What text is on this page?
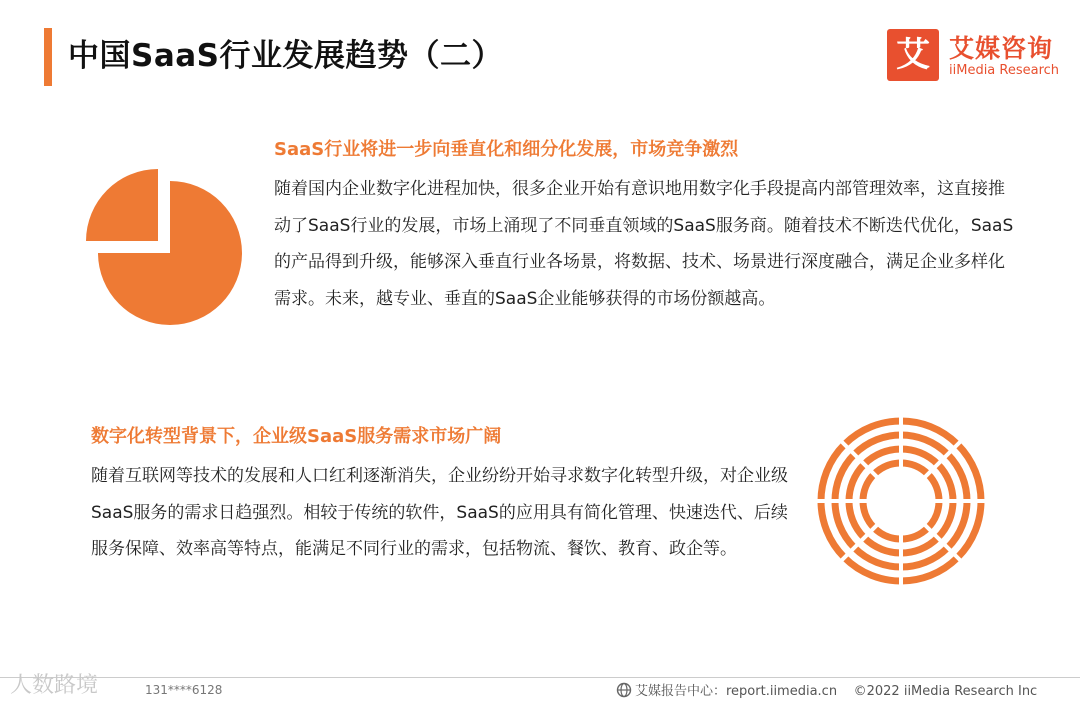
中国SaaS行业发展趋势（二）	艾 艾媒咨询
iiMedia Research
SaaS行业将进一步向垂直化和细分化发展，市场竞争激烈
随着国内企业数字化进程加快，很多企业开始有意识地用数字化手段提高内部管理效率，这直接推动了SaaS行业的发展，市场上涌现了不同垂直领域的SaaS服务商。随着技术不断迭代优化，SaaS的产品得到升级，能够深入垂直行业各场景，将数据、技术、场景进行深度融合，满足企业多样化需求。未来，越专业、垂直的SaaS企业能够获得的市场份额越高。
数字化转型背景下，企业级SaaS服务需求市场广阔
随着互联网等技术的发展和人口红利逐渐消失，企业纷纷开始寻求数字化转型升级，对企业级SaaS服务的需求日趋强烈。相较于传统的软件，SaaS的应用具有简化管理、快速迭代、后续服务保障、效率高等特点，能满足不同行业的需求，包括物流、餐饮、教育、政企等。
人数路境	131****6128	艾媒报告中心：report.iimedia.cn ©2022 iiMedia Research Inc
